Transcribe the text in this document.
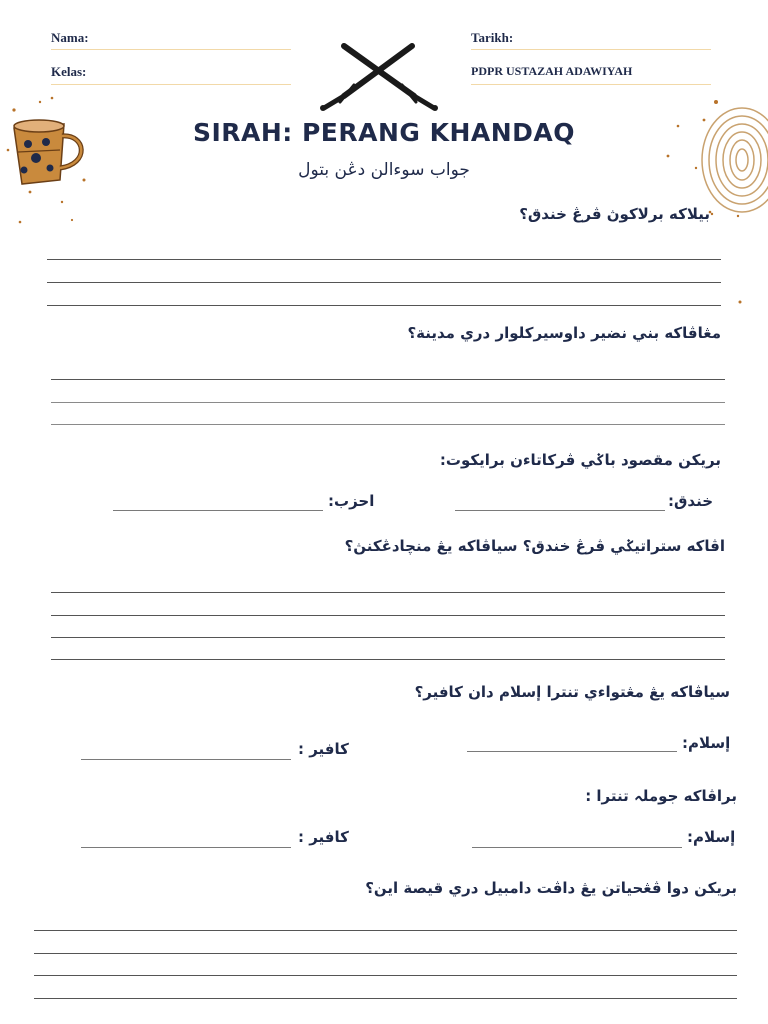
Nama:
Kelas:
Tarikh:
PDPR USTAZAH ADAWIYAH
SIRAH: PERANG KHANDAQ
جواب سوءالن دڠن بتول
بيلاکه برلاکوڽ ڤرڠ خندق؟
مڠاڤاکه بني نضير داوسيرکلوار دري مدينة؟
بريکن مقصود باݢي ڤرکاتاءن برايکوت:
خندق:
احزب:
اڤاکه ستراتيݢي ڤرڠ خندق؟ سياڤاکه يڠ منچادڠکنڽ؟
سياڤاکه يڠ مڠتواءي تنترا إسلام دان کافير؟
إسلام:
کافير :
براڤاکه جوملہ تنترا :
إسلام:
کافير :
بريکن دوا ڤڠحياتن يڠ داڤت دامبيل دري قيصة اين؟
